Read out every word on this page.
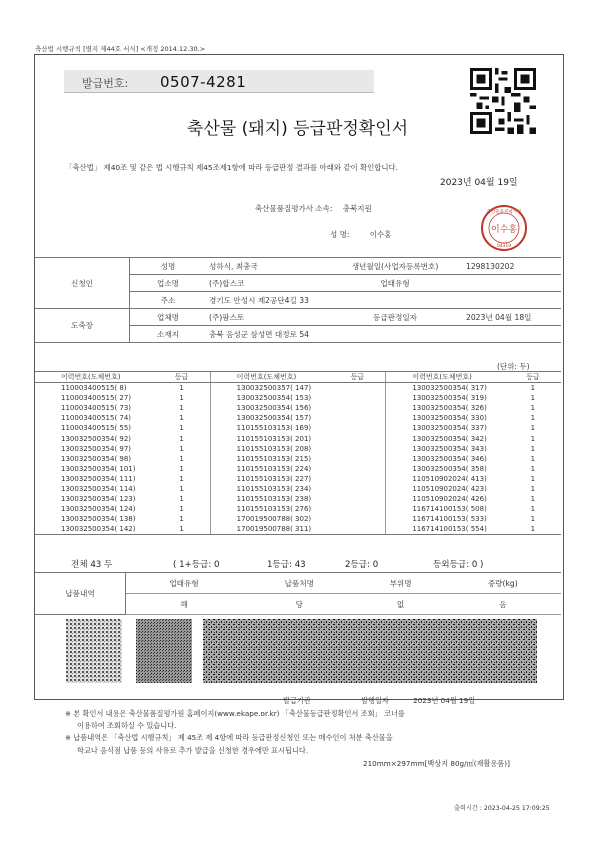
축산법 시행규칙 [별지 제44호 서식] <개정 2014.12.30.>
발급번호: 0507-4281
축산물 (돼지) 등급판정확인서
「축산법」 제40조 및 같은 법 시행규칙 제45조제1항에 따라 등급판정 결과를 아래와 같이 확인합니다.
2023년 04월 19일
축산물품질평가사 소속: 충북지원
성 명:	이수홍	이수홍
축산물품질평가원
04319
신청인	성명	성하식, 최충국	생년월일(사업자등록번호)	1298130202
	업소명	(주)합스코	업태유형	
	주소	경기도 안성시 제2공단4길 33		
도축장	업체명	(주)팜스토	등급판정일자	2023년 04월 18일
	소재지	충북 음성군 삼성면 대정로 54		
(단위: 두)
이력번호(도체번호)	등급	이력번호(도체번호)	등급	이력번호(도체번호)	등급
110003400515( 8)	1	130032500357( 147)		130032500354( 317)	1
110003400515( 27)	1	130032500354( 153)		130032500354( 319)	1
110003400515( 73)	1	130032500354( 156)		130032500354( 326)	1
110003400515( 74)	1	130032500354( 157)		130032500354( 330)	1
110003400515( 55)	1	110155103153( 169)		130032500354( 337)	1
130032500354( 92)	1	110155103153( 201)		130032500354( 342)	1
130032500354( 97)	1	110155103153( 208)		130032500354( 343)	1
130032500354( 98)	1	110155103153( 215)		130032500354( 346)	1
130032500354( 101)	1	110155103153( 224)		130032500354( 358)	1
130032500354( 111)	1	110155103153( 227)		110510902024( 413)	1
130032500354( 114)	1	110155103153( 234)		110510902024( 423)	1
130032500354( 123)	1	110155103153( 238)		110510902024( 426)	1
130032500354( 124)	1	110155103153( 276)		116714100153( 508)	1
130032500354( 138)	1	170019500788( 302)		116714100153( 533)	1
130032500354( 142)	1	170019500788( 311)		116714100153( 554)	1
전체 43 두	( 1+등급: 0	1등급: 43	2등급: 0	등외등급: 0 )
납품내역	업태유형	납품처명	부위명	중량(kg)
	해	당	없	음
발급기관	발행일자	2023년 04월 19일
※ 본 확인서 내용은 축산물품질평가원 홈페이지(www.ekape.or.kr) 「축산물등급판정확인서 조회」 코너를
이용하여 조회하실 수 있습니다.
※ 납품내역은 「축산법 시행규칙」 제 45조 제 4항에 따라 등급판정신청인 또는 매수인이 처분 축산물을
학교나 음식점 납품 등의 사유로 추가 발급을 신청한 경우에만 표시됩니다.
210mm×297mm[백상지 80g/㎡(재활용품)]
출력시간 : 2023-04-25 17:09:25
